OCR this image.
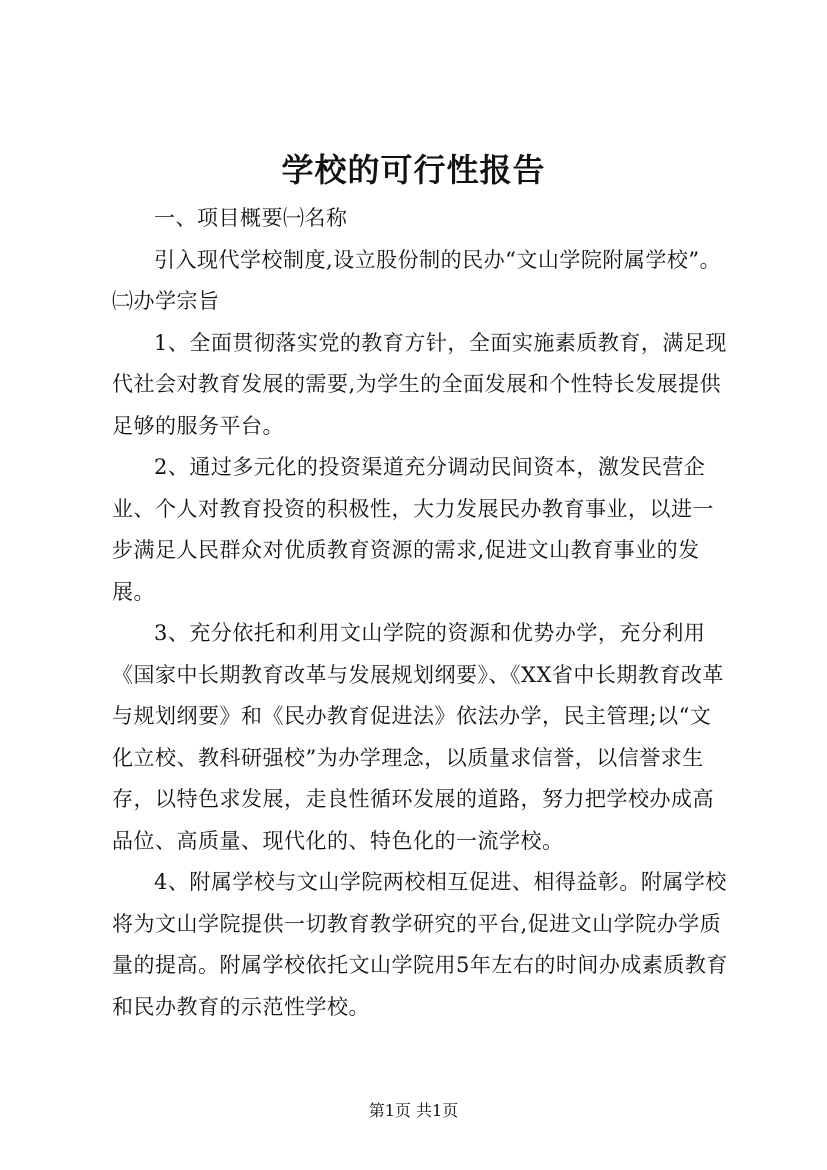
学校的可行性报告

一、项目概要㈠名称

引入现代学校制度,设立股份制的民办“文山学院附属学校”。

㈡办学宗旨

1、全面贯彻落实党的教育方针，全面实施素质教育，满足现代社会对教育发展的需要,为学生的全面发展和个性特长发展提供足够的服务平台。

2、通过多元化的投资渠道充分调动民间资本，激发民营企业、个人对教育投资的积极性，大力发展民办教育事业，以进一步满足人民群众对优质教育资源的需求,促进文山教育事业的发展。

3、充分依托和利用文山学院的资源和优势办学，充分利用《国家中长期教育改革与发展规划纲要》、《XX省中长期教育改革与规划纲要》和《民办教育促进法》依法办学，民主管理;以“文化立校、教科研强校”为办学理念，以质量求信誉，以信誉求生存，以特色求发展，走良性循环发展的道路，努力把学校办成高品位、高质量、现代化的、特色化的一流学校。

4、附属学校与文山学院两校相互促进、相得益彰。附属学校将为文山学院提供一切教育教学研究的平台,促进文山学院办学质量的提高。附属学校依托文山学院用5年左右的时间办成素质教育和民办教育的示范性学校。

第1页 共1页
